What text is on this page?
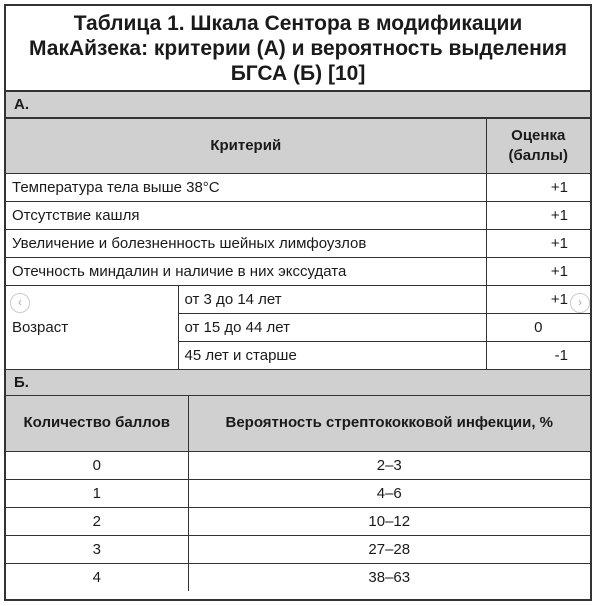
Таблица 1. Шкала Сентора в модификации МакАйзека: критерии (А) и вероятность выделения БГСА (Б) [10]
А.
Критерий		Оценка (баллы)
Температура тела выше 38°С		+1
Отсутствие кашля		+1
Увеличение и болезненность шейных лимфоузлов		+1
Отечность миндалин и наличие в них экссудата		+1
Возраст	от 3 до 14 лет	+1
	от 15 до 44 лет	0
	45 лет и старше	-1
Б.
Количество баллов	Вероятность стрептококковой инфекции, %
0	2–3
1	4–6
2	10–12
3	27–28
4	38–63
‹	›
